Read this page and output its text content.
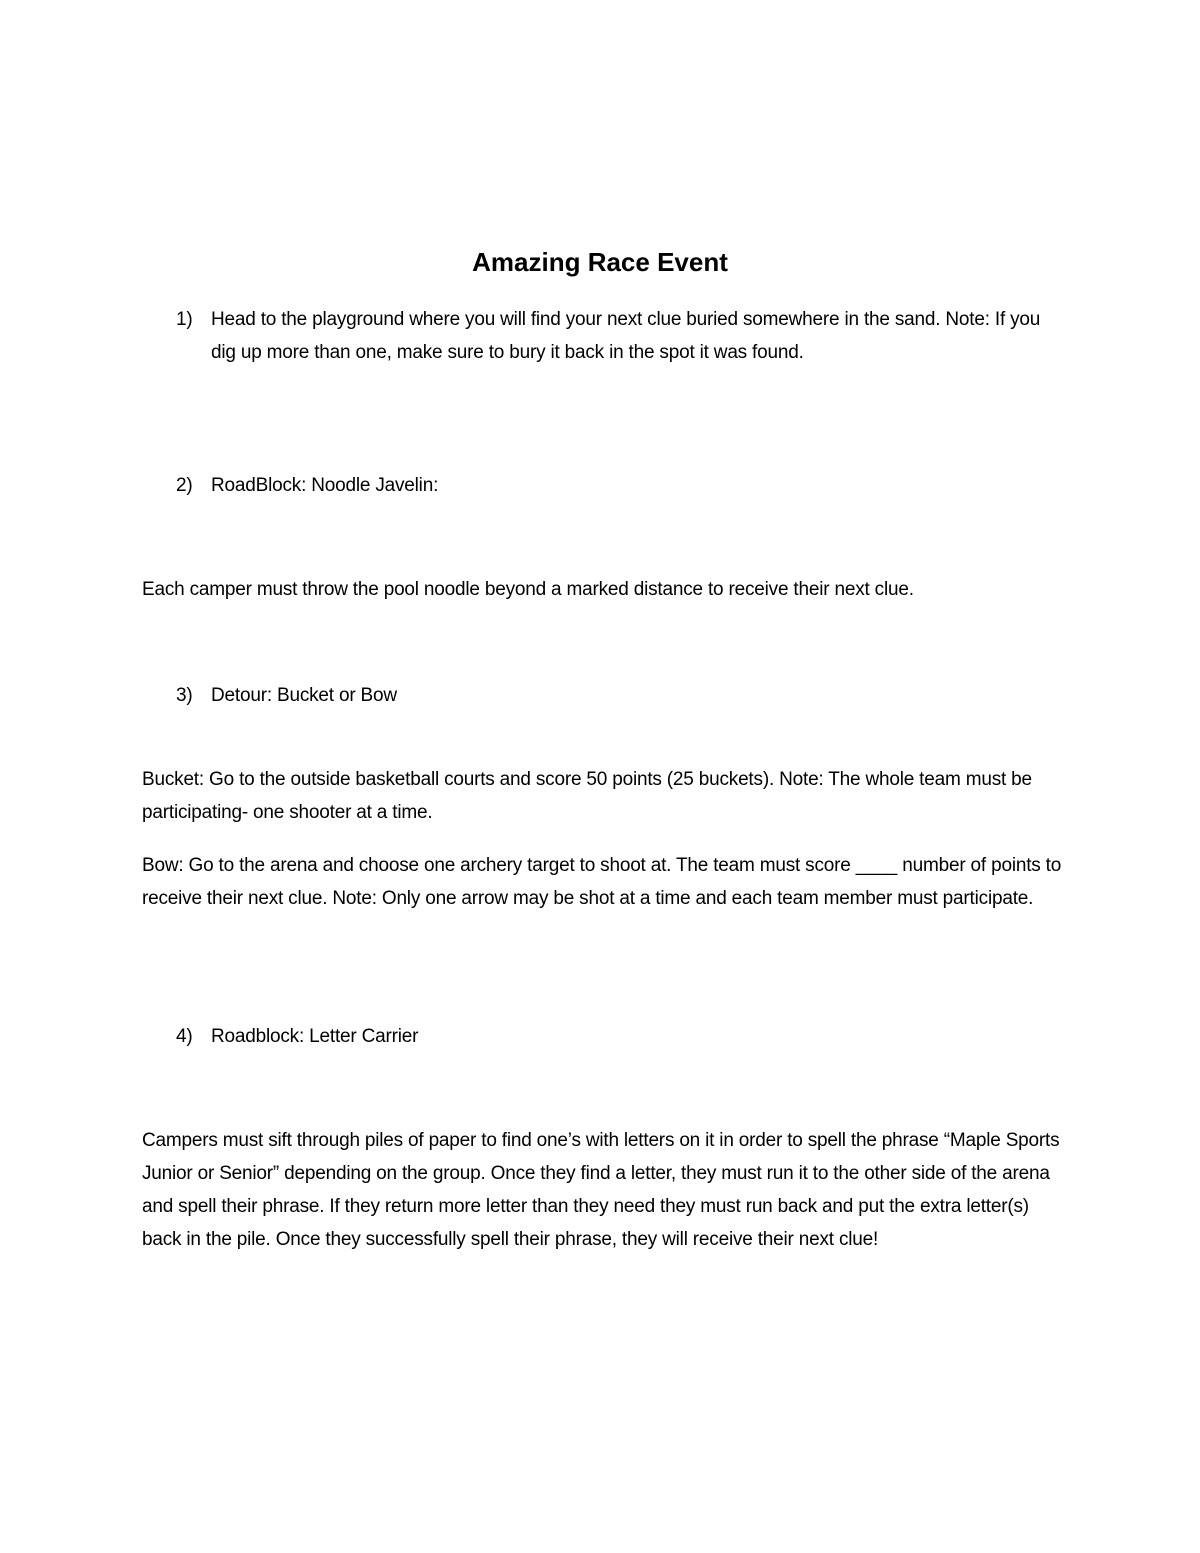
Amazing Race Event
1) Head to the playground where you will find your next clue buried somewhere in the sand. Note: If you dig up more than one, make sure to bury it back in the spot it was found.
2) RoadBlock: Noodle Javelin:
Each camper must throw the pool noodle beyond a marked distance to receive their next clue.
3) Detour: Bucket or Bow
Bucket: Go to the outside basketball courts and score 50 points (25 buckets). Note: The whole team must be participating- one shooter at a time.
Bow: Go to the arena and choose one archery target to shoot at. The team must score ____ number of points to receive their next clue. Note: Only one arrow may be shot at a time and each team member must participate.
4) Roadblock: Letter Carrier
Campers must sift through piles of paper to find one’s with letters on it in order to spell the phrase “Maple Sports Junior or Senior” depending on the group. Once they find a letter, they must run it to the other side of the arena and spell their phrase. If they return more letter than they need they must run back and put the extra letter(s) back in the pile. Once they successfully spell their phrase, they will receive their next clue!
